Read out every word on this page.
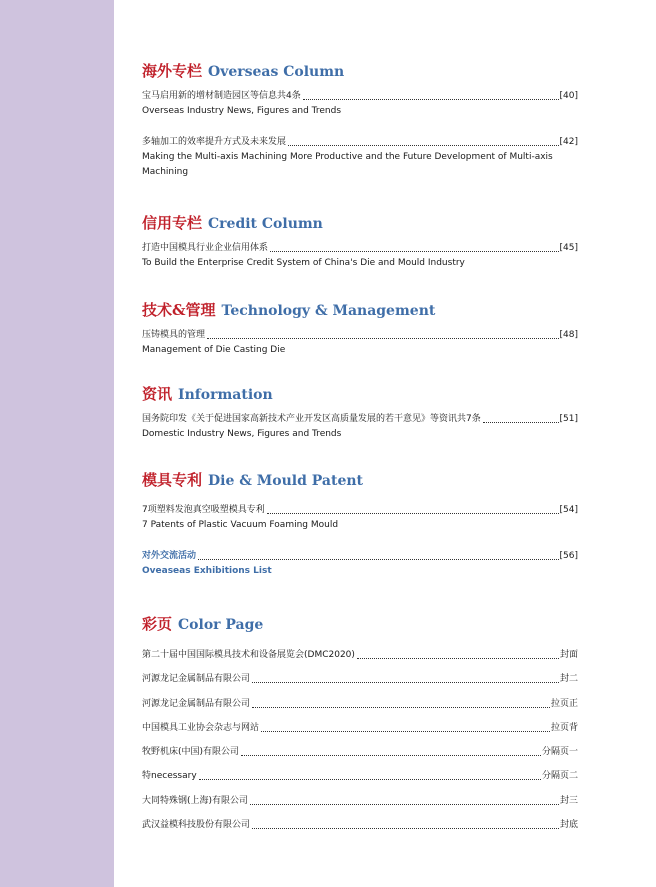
海外专栏 Overseas Column
宝马启用新的增材制造园区等信息共4条	[40]
Overseas Industry News, Figures and Trends
多轴加工的效率提升方式及未来发展	[42]
Making the Multi-axis Machining More Productive and the Future Development of Multi-axis Machining
信用专栏 Credit Column
打造中国模具行业企业信用体系	[45]
To Build the Enterprise Credit System of China's Die and Mould Industry
技术&管理 Technology & Management
压铸模具的管理	[48]
Management of Die Casting Die
资讯 Information
国务院印发《关于促进国家高新技术产业开发区高质量发展的若干意见》等资讯共7条	[51]
Domestic Industry News, Figures and Trends
模具专利 Die & Mould Patent
7项塑料发泡真空吸塑模具专利	[54]
7 Patents of Plastic Vacuum Foaming Mould
对外交流活动	[56]
Oveaseas Exhibitions List
彩页 Color Page
第二十届中国国际模具技术和设备展览会(DMC2020)	封面
河源龙记金属制品有限公司	封二
河源龙记金属制品有限公司	拉页正
中国模具工业协会杂志与网站	拉页背
牧野机床(中国)有限公司	分隔页一
特necessary	分隔页二
大同特殊钢(上海)有限公司	封三
武汉益模科技股份有限公司	封底
